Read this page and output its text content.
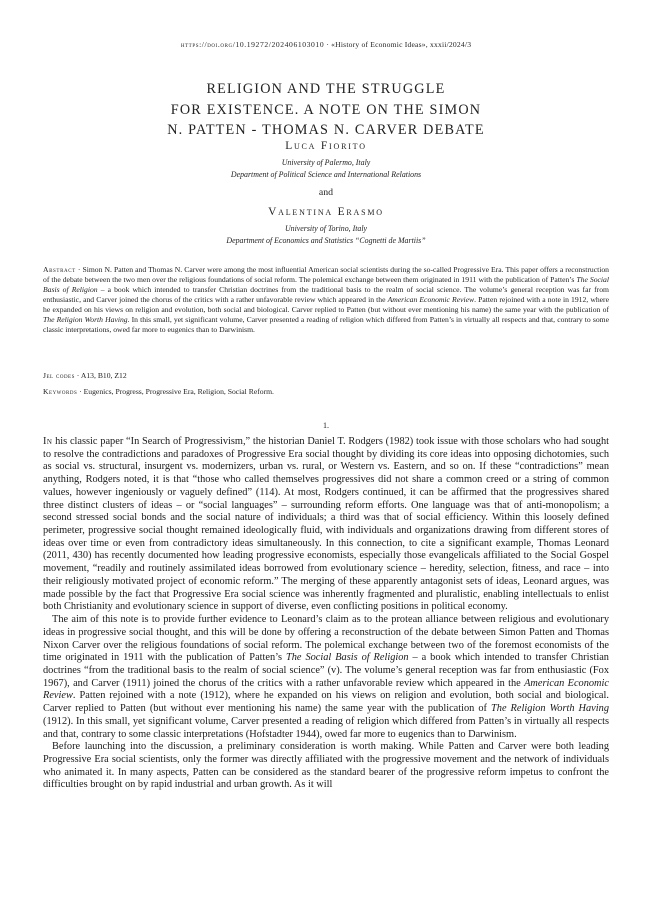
https://doi.org/10.19272/202406103010 · «History of Economic Ideas», xxxii/2024/3
RELIGION AND THE STRUGGLE
FOR EXISTENCE. A NOTE ON THE SIMON
N. PATTEN - THOMAS N. CARVER DEBATE
Luca Fiorito
University of Palermo, Italy
Department of Political Science and International Relations
and
Valentina Erasmo
University of Torino, Italy
Department of Economics and Statistics “Cognetti de Martiis”
Abstract · Simon N. Patten and Thomas N. Carver were among the most influential American social scientists during the so-called Progressive Era. This paper offers a reconstruction of the debate between the two men over the religious foundations of social reform. The polemical exchange between them originated in 1911 with the publication of Patten’s The Social Basis of Religion – a book which intended to transfer Christian doctrines from the traditional basis to the realm of social science. The volume’s general reception was far from enthusiastic, and Carver joined the chorus of the critics with a rather unfavorable review which appeared in the American Economic Review. Patten rejoined with a note in 1912, where he expanded on his views on religion and evolution, both social and biological. Carver replied to Patten (but without ever mentioning his name) the same year with the publication of The Religion Worth Having. In this small, yet significant volume, Carver presented a reading of religion which differed from Patten’s in virtually all respects and that, contrary to some classic interpretations, owed far more to eugenics than to Darwinism.
Jel codes · A13, B10, Z12
Keywords · Eugenics, Progress, Progressive Era, Religion, Social Reform.
1.

In his classic paper “In Search of Progressivism,” the historian Daniel T. Rodgers (1982) took issue with those scholars who had sought to resolve the contradictions and paradoxes of Progressive Era social thought by dividing its core ideas into opposing dichotomies, such as social vs. structural, insurgent vs. modernizers, urban vs. rural, or Western vs. Eastern, and so on. If these “contradictions” mean anything, Rodgers noted, it is that “those who called themselves progressives did not share a common creed or a string of common values, however ingeniously or vaguely defined” (114). At most, Rodgers continued, it can be affirmed that the progressives shared three distinct clusters of ideas – or “social languages” – surrounding reform efforts. One language was that of anti-monopolism; a second stressed social bonds and the social nature of individuals; a third was that of social efficiency. Within this loosely defined perimeter, progressive social thought remained ideologically fluid, with individuals and organizations drawing from different stores of ideas over time or even from contradictory ideas simultaneously. In this connection, to cite a significant example, Thomas Leonard (2011, 430) has recently documented how leading progressive economists, especially those evangelicals affiliated to the Social Gospel movement, “readily and routinely assimilated ideas borrowed from evolutionary science – heredity, selection, fitness, and race – into their religiously motivated project of economic reform.” The merging of these apparently antagonist sets of ideas, Leonard argues, was made possible by the fact that Progressive Era social science was inherently fragmented and pluralistic, enabling intellectuals to enlist both Christianity and evolutionary science in support of diverse, even conflicting positions in political economy.

The aim of this note is to provide further evidence to Leonard’s claim as to the protean alliance between religious and evolutionary ideas in progressive social thought, and this will be done by offering a reconstruction of the debate between Simon Patten and Thomas Nixon Carver over the religious foundations of social reform. The polemical exchange between two of the foremost economists of the time originated in 1911 with the publication of Patten’s The Social Basis of Religion – a book which intended to transfer Christian doctrines “from the traditional basis to the realm of social science” (v). The volume’s general reception was far from enthusiastic (Fox 1967), and Carver (1911) joined the chorus of the critics with a rather unfavorable review which appeared in the American Economic Review. Patten rejoined with a note (1912), where he expanded on his views on religion and evolution, both social and biological. Carver replied to Patten (but without ever mentioning his name) the same year with the publication of The Religion Worth Having (1912). In this small, yet significant volume, Carver presented a reading of religion which differed from Patten’s in virtually all respects and that, contrary to some classic interpretations (Hofstadter 1944), owed far more to eugenics than to Darwinism.

Before launching into the discussion, a preliminary consideration is worth making. While Patten and Carver were both leading Progressive Era social scientists, only the former was directly affiliated with the progressive movement and the network of individuals who animated it. In many aspects, Patten can be considered as the standard bearer of the progressive reform impetus to confront the difficulties brought on by rapid industrial and urban growth. As it will
